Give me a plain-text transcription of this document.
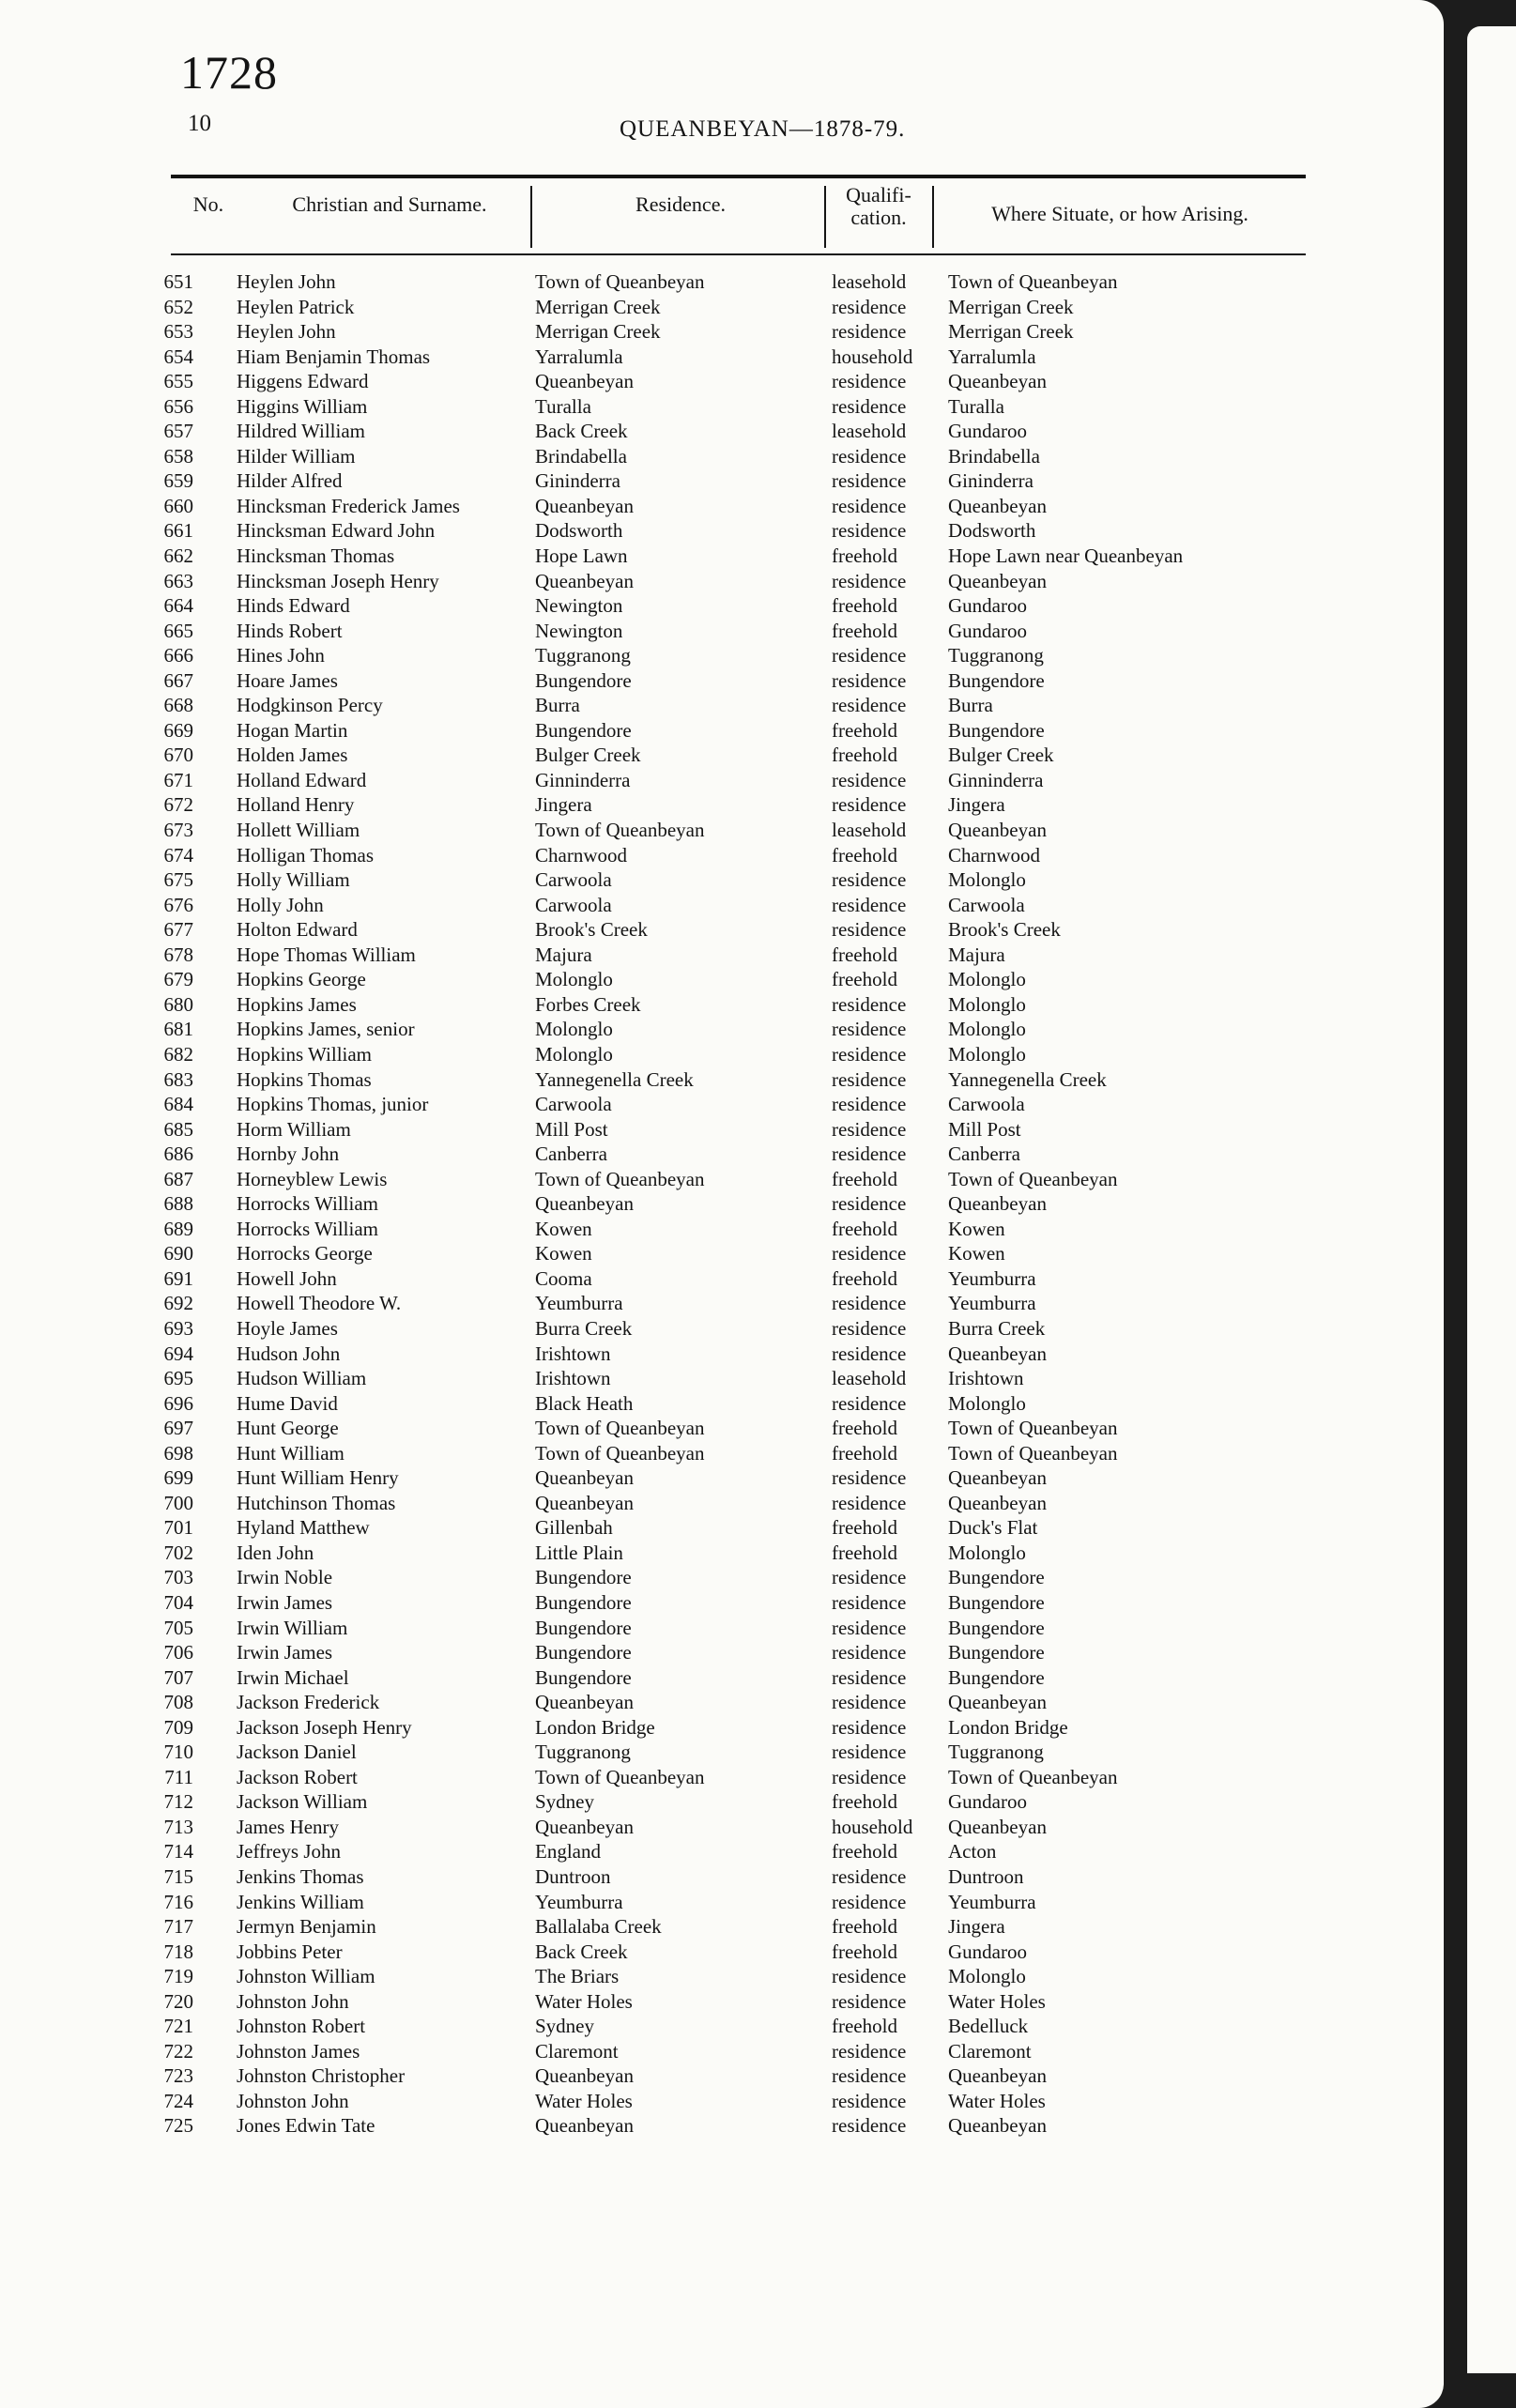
1728
10	QUEANBEYAN—1878-79.
No.	Christian and Surname.	Residence.	Qualifi-
cation.	Where Situate, or how Arising.
651 Heylen John	Town of Queanbeyan	leasehold Town of Queanbeyan
652 Heylen Patrick	Merrigan Creek	residence Merrigan Creek
653 Heylen John	Merrigan Creek	residence Merrigan Creek
654 Hiam Benjamin Thomas	Yarralumla	household Yarralumla
655 Higgens Edward	Queanbeyan	residence Queanbeyan
656 Higgins William	Turalla	residence Turalla
657 Hildred William	Back Creek	leasehold Gundaroo
658 Hilder William	Brindabella	residence Brindabella
659 Hilder Alfred	Gininderra	residence Gininderra
660 Hincksman Frederick James	Queanbeyan	residence Queanbeyan
661 Hincksman Edward John	Dodsworth	residence Dodsworth
662 Hincksman Thomas	Hope Lawn	freehold	Hope Lawn near Queanbeyan
663 Hincksman Joseph Henry	Queanbeyan	residence Queanbeyan
664 Hinds Edward	Newington	freehold	Gundaroo
665 Hinds Robert	Newington	freehold	Gundaroo
666 Hines John	Tuggranong	residence Tuggranong
667 Hoare James	Bungendore	residence Bungendore
668 Hodgkinson Percy	Burra	residence Burra
669 Hogan Martin	Bungendore	freehold	Bungendore
670 Holden James	Bulger Creek	freehold	Bulger Creek
671 Holland Edward	Ginninderra	residence Ginninderra
672 Holland Henry	Jingera	residence Jingera
673 Hollett William	Town of Queanbeyan	leasehold Queanbeyan
674 Holligan Thomas	Charnwood	freehold	Charnwood
675 Holly William	Carwoola	residence Molonglo
676 Holly John	Carwoola	residence Carwoola
677 Holton Edward	Brook's Creek	residence Brook's Creek
678 Hope Thomas William	Majura	freehold	Majura
679 Hopkins George	Molonglo	freehold	Molonglo
680 Hopkins James	Forbes Creek	residence Molonglo
681 Hopkins James, senior	Molonglo	residence Molonglo
682 Hopkins William	Molonglo	residence Molonglo
683 Hopkins Thomas	Yannegenella Creek	residence Yannegenella Creek
684 Hopkins Thomas, junior	Carwoola	residence Carwoola
685 Horm William	Mill Post	residence Mill Post
686 Hornby John	Canberra	residence Canberra
687 Horneyblew Lewis	Town of Queanbeyan	freehold	Town of Queanbeyan
688 Horrocks William	Queanbeyan	residence Queanbeyan
689 Horrocks William	Kowen	freehold	Kowen
690 Horrocks George	Kowen	residence Kowen
691 Howell John	Cooma	freehold	Yeumburra
692 Howell Theodore W.	Yeumburra	residence Yeumburra
693 Hoyle James	Burra Creek	residence Burra Creek
694 Hudson John	Irishtown	residence Queanbeyan
695 Hudson William	Irishtown	leasehold Irishtown
696 Hume David	Black Heath	residence Molonglo
697 Hunt George	Town of Queanbeyan	freehold	Town of Queanbeyan
698 Hunt William	Town of Queanbeyan	freehold	Town of Queanbeyan
699 Hunt William Henry	Queanbeyan	residence Queanbeyan
700 Hutchinson Thomas	Queanbeyan	residence Queanbeyan
701 Hyland Matthew	Gillenbah	freehold	Duck's Flat
702 Iden John	Little Plain	freehold	Molonglo
703 Irwin Noble	Bungendore	residence Bungendore
704 Irwin James	Bungendore	residence Bungendore
705 Irwin William	Bungendore	residence Bungendore
706 Irwin James	Bungendore	residence Bungendore
707 Irwin Michael	Bungendore	residence Bungendore
708 Jackson Frederick	Queanbeyan	residence Queanbeyan
709 Jackson Joseph Henry	London Bridge	residence London Bridge
710 Jackson Daniel	Tuggranong	residence Tuggranong
711 Jackson Robert	Town of Queanbeyan	residence Town of Queanbeyan
712 Jackson William	Sydney	freehold	Gundaroo
713 James Henry	Queanbeyan	household Queanbeyan
714 Jeffreys John	England	freehold	Acton
715 Jenkins Thomas	Duntroon	residence Duntroon
716 Jenkins William	Yeumburra	residence Yeumburra
717 Jermyn Benjamin	Ballalaba Creek	freehold	Jingera
718 Jobbins Peter	Back Creek	freehold	Gundaroo
719 Johnston William	The Briars	residence Molonglo
720 Johnston John	Water Holes	residence Water Holes
721 Johnston Robert	Sydney	freehold	Bedelluck
722 Johnston James	Claremont	residence Claremont
723 Johnston Christopher	Queanbeyan	residence Queanbeyan
724 Johnston John	Water Holes	residence Water Holes
725 Jones Edwin Tate	Queanbeyan	residence Queanbeyan
